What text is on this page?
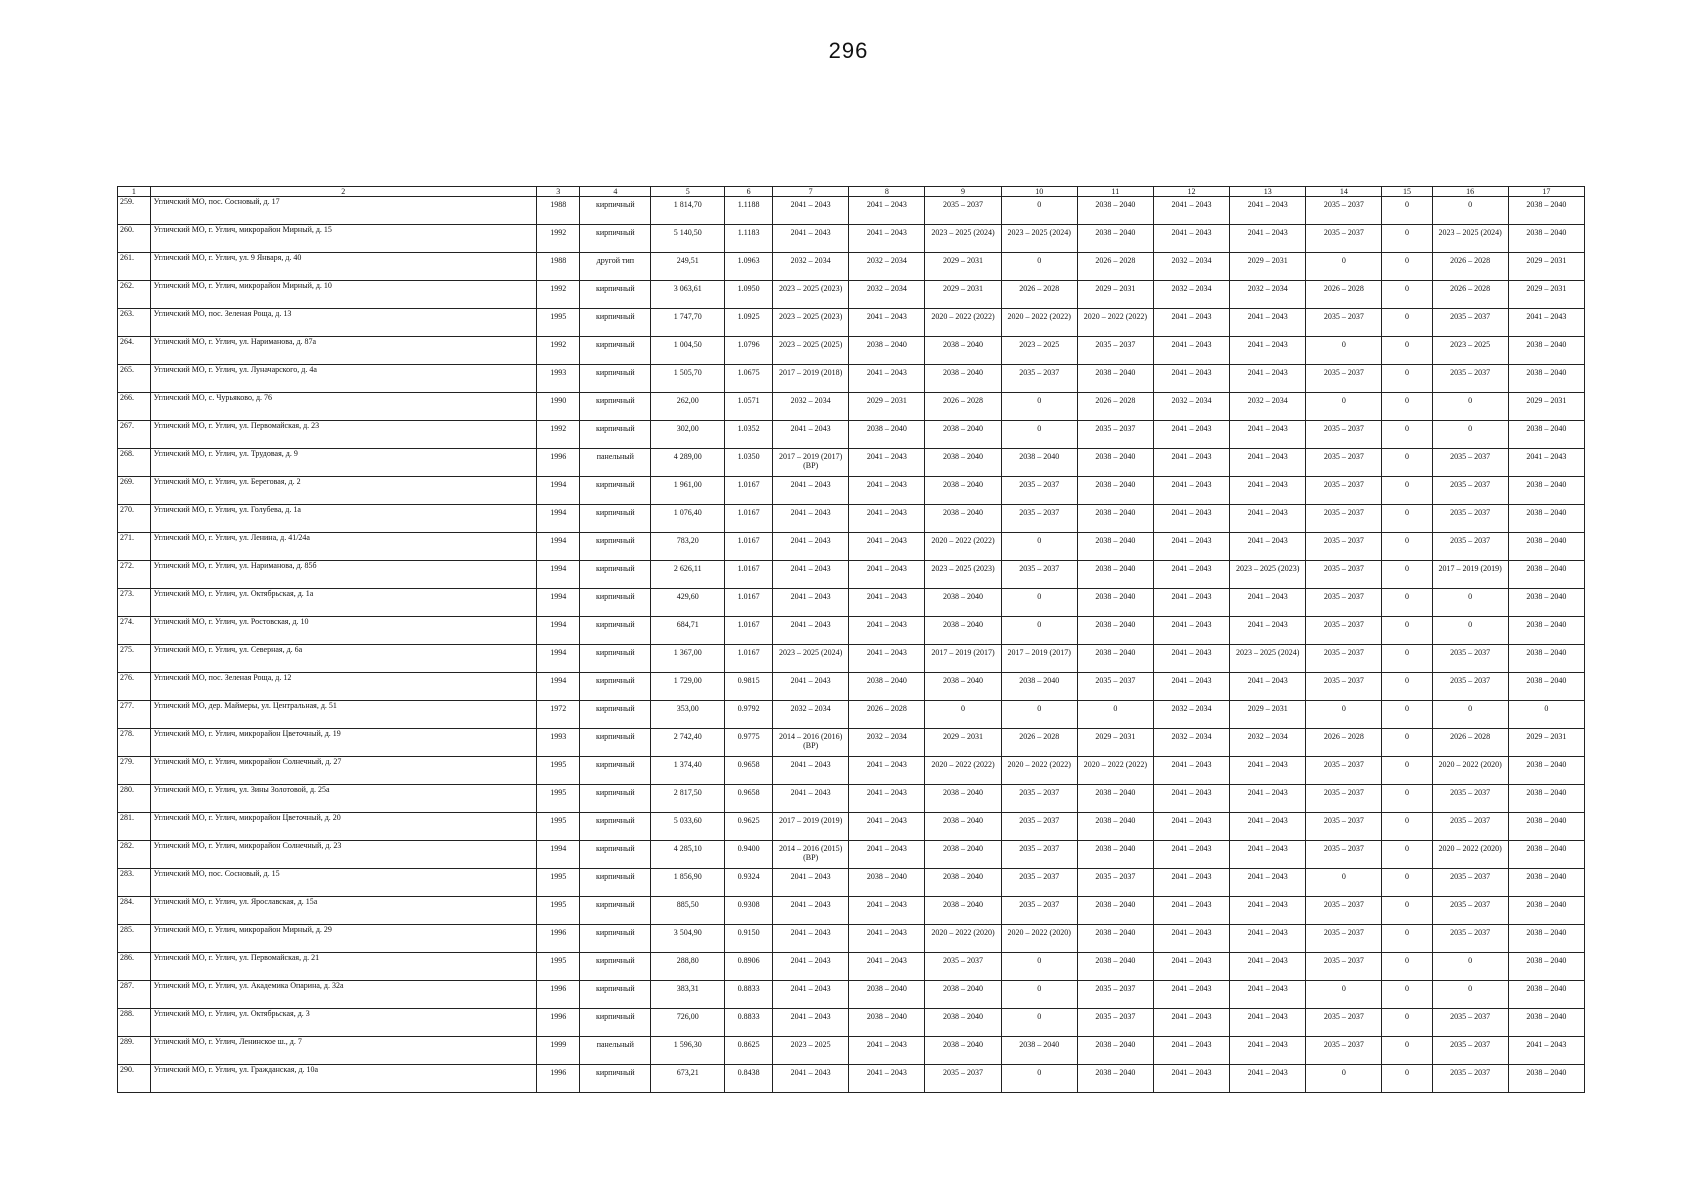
296
1	2	3	4	5	6	7	8	9	10	11	12	13	14	15	16	17
259.	Угличский МО, пос. Сосновый, д. 17	1988	кирпичный	1 814,70	1.1188	2041 – 2043	2041 – 2043	2035 – 2037	0	2038 – 2040	2041 – 2043	2041 – 2043	2035 – 2037	0	0	2038 – 2040
260.	Угличский МО, г. Углич, микрорайон Мирный, д. 15	1992	кирпичный	5 140,50	1.1183	2041 – 2043	2041 – 2043	2023 – 2025 (2024)	2023 – 2025 (2024)	2038 – 2040	2041 – 2043	2041 – 2043	2035 – 2037	0	2023 – 2025 (2024)	2038 – 2040
261.	Угличский МО, г. Углич, ул. 9 Января, д. 40	1988	другой тип	249,51	1.0963	2032 – 2034	2032 – 2034	2029 – 2031	0	2026 – 2028	2032 – 2034	2029 – 2031	0	0	2026 – 2028	2029 – 2031
262.	Угличский МО, г. Углич, микрорайон Мирный, д. 10	1992	кирпичный	3 063,61	1.0950	2023 – 2025 (2023)	2032 – 2034	2029 – 2031	2026 – 2028	2029 – 2031	2032 – 2034	2032 – 2034	2026 – 2028	0	2026 – 2028	2029 – 2031
263.	Угличский МО, пос. Зеленая Роща, д. 13	1995	кирпичный	1 747,70	1.0925	2023 – 2025 (2023)	2041 – 2043	2020 – 2022 (2022)	2020 – 2022 (2022)	2020 – 2022 (2022)	2041 – 2043	2041 – 2043	2035 – 2037	0	2035 – 2037	2041 – 2043
264.	Угличский МО, г. Углич, ул. Нариманова, д. 87а	1992	кирпичный	1 004,50	1.0796	2023 – 2025 (2025)	2038 – 2040	2038 – 2040	2023 – 2025	2035 – 2037	2041 – 2043	2041 – 2043	0	0	2023 – 2025	2038 – 2040
265.	Угличский МО, г. Углич, ул. Луначарского, д. 4а	1993	кирпичный	1 505,70	1.0675	2017 – 2019 (2018)	2041 – 2043	2038 – 2040	2035 – 2037	2038 – 2040	2041 – 2043	2041 – 2043	2035 – 2037	0	2035 – 2037	2038 – 2040
266.	Угличский МО, с. Чурьяково, д. 76	1990	кирпичный	262,00	1.0571	2032 – 2034	2029 – 2031	2026 – 2028	0	2026 – 2028	2032 – 2034	2032 – 2034	0	0	0	2029 – 2031
267.	Угличский МО, г. Углич, ул. Первомайская, д. 23	1992	кирпичный	302,00	1.0352	2041 – 2043	2038 – 2040	2038 – 2040	0	2035 – 2037	2041 – 2043	2041 – 2043	2035 – 2037	0	0	2038 – 2040
268.	Угличский МО, г. Углич, ул. Трудовая, д. 9	1996	панельный	4 289,00	1.0350	2017 – 2019 (2017) (ВР)	2041 – 2043	2038 – 2040	2038 – 2040	2038 – 2040	2041 – 2043	2041 – 2043	2035 – 2037	0	2035 – 2037	2041 – 2043
269.	Угличский МО, г. Углич, ул. Береговая, д. 2	1994	кирпичный	1 961,00	1.0167	2041 – 2043	2041 – 2043	2038 – 2040	2035 – 2037	2038 – 2040	2041 – 2043	2041 – 2043	2035 – 2037	0	2035 – 2037	2038 – 2040
270.	Угличский МО, г. Углич, ул. Голубева, д. 1а	1994	кирпичный	1 076,40	1.0167	2041 – 2043	2041 – 2043	2038 – 2040	2035 – 2037	2038 – 2040	2041 – 2043	2041 – 2043	2035 – 2037	0	2035 – 2037	2038 – 2040
271.	Угличский МО, г. Углич, ул. Ленина, д. 41/24а	1994	кирпичный	783,20	1.0167	2041 – 2043	2041 – 2043	2020 – 2022 (2022)	0	2038 – 2040	2041 – 2043	2041 – 2043	2035 – 2037	0	2035 – 2037	2038 – 2040
272.	Угличский МО, г. Углич, ул. Нариманова, д. 85б	1994	кирпичный	2 626,11	1.0167	2041 – 2043	2041 – 2043	2023 – 2025 (2023)	2035 – 2037	2038 – 2040	2041 – 2043	2023 – 2025 (2023)	2035 – 2037	0	2017 – 2019 (2019)	2038 – 2040
273.	Угличский МО, г. Углич, ул. Октябрьская, д. 1а	1994	кирпичный	429,60	1.0167	2041 – 2043	2041 – 2043	2038 – 2040	0	2038 – 2040	2041 – 2043	2041 – 2043	2035 – 2037	0	0	2038 – 2040
274.	Угличский МО, г. Углич, ул. Ростовская, д. 10	1994	кирпичный	684,71	1.0167	2041 – 2043	2041 – 2043	2038 – 2040	0	2038 – 2040	2041 – 2043	2041 – 2043	2035 – 2037	0	0	2038 – 2040
275.	Угличский МО, г. Углич, ул. Северная, д. 6а	1994	кирпичный	1 367,00	1.0167	2023 – 2025 (2024)	2041 – 2043	2017 – 2019 (2017)	2017 – 2019 (2017)	2038 – 2040	2041 – 2043	2023 – 2025 (2024)	2035 – 2037	0	2035 – 2037	2038 – 2040
276.	Угличский МО, пос. Зеленая Роща, д. 12	1994	кирпичный	1 729,00	0.9815	2041 – 2043	2038 – 2040	2038 – 2040	2038 – 2040	2035 – 2037	2041 – 2043	2041 – 2043	2035 – 2037	0	2035 – 2037	2038 – 2040
277.	Угличский МО, дер. Маймеры, ул. Центральная, д. 51	1972	кирпичный	353,00	0.9792	2032 – 2034	2026 – 2028	0	0	0	2032 – 2034	2029 – 2031	0	0	0	0
278.	Угличский МО, г. Углич, микрорайон Цветочный, д. 19	1993	кирпичный	2 742,40	0.9775	2014 – 2016 (2016) (ВР)	2032 – 2034	2029 – 2031	2026 – 2028	2029 – 2031	2032 – 2034	2032 – 2034	2026 – 2028	0	2026 – 2028	2029 – 2031
279.	Угличский МО, г. Углич, микрорайон Солнечный, д. 27	1995	кирпичный	1 374,40	0.9658	2041 – 2043	2041 – 2043	2020 – 2022 (2022)	2020 – 2022 (2022)	2020 – 2022 (2022)	2041 – 2043	2041 – 2043	2035 – 2037	0	2020 – 2022 (2020)	2038 – 2040
280.	Угличский МО, г. Углич, ул. Зины Золотовой, д. 25а	1995	кирпичный	2 817,50	0.9658	2041 – 2043	2041 – 2043	2038 – 2040	2035 – 2037	2038 – 2040	2041 – 2043	2041 – 2043	2035 – 2037	0	2035 – 2037	2038 – 2040
281.	Угличский МО, г. Углич, микрорайон Цветочный, д. 20	1995	кирпичный	5 033,60	0.9625	2017 – 2019 (2019)	2041 – 2043	2038 – 2040	2035 – 2037	2038 – 2040	2041 – 2043	2041 – 2043	2035 – 2037	0	2035 – 2037	2038 – 2040
282.	Угличский МО, г. Углич, микрорайон Солнечный, д. 23	1994	кирпичный	4 285,10	0.9400	2014 – 2016 (2015) (ВР)	2041 – 2043	2038 – 2040	2035 – 2037	2038 – 2040	2041 – 2043	2041 – 2043	2035 – 2037	0	2020 – 2022 (2020)	2038 – 2040
283.	Угличский МО, пос. Сосновый, д. 15	1995	кирпичный	1 856,90	0.9324	2041 – 2043	2038 – 2040	2038 – 2040	2035 – 2037	2035 – 2037	2041 – 2043	2041 – 2043	0	0	2035 – 2037	2038 – 2040
284.	Угличский МО, г. Углич, ул. Ярославская, д. 15а	1995	кирпичный	885,50	0.9308	2041 – 2043	2041 – 2043	2038 – 2040	2035 – 2037	2038 – 2040	2041 – 2043	2041 – 2043	2035 – 2037	0	2035 – 2037	2038 – 2040
285.	Угличский МО, г. Углич, микрорайон Мирный, д. 29	1996	кирпичный	3 504,90	0.9150	2041 – 2043	2041 – 2043	2020 – 2022 (2020)	2020 – 2022 (2020)	2038 – 2040	2041 – 2043	2041 – 2043	2035 – 2037	0	2035 – 2037	2038 – 2040
286.	Угличский МО, г. Углич, ул. Первомайская, д. 21	1995	кирпичный	288,80	0.8906	2041 – 2043	2041 – 2043	2035 – 2037	0	2038 – 2040	2041 – 2043	2041 – 2043	2035 – 2037	0	0	2038 – 2040
287.	Угличский МО, г. Углич, ул. Академика Опарина, д. 32а	1996	кирпичный	383,31	0.8833	2041 – 2043	2038 – 2040	2038 – 2040	0	2035 – 2037	2041 – 2043	2041 – 2043	0	0	0	2038 – 2040
288.	Угличский МО, г. Углич, ул. Октябрьская, д. 3	1996	кирпичный	726,00	0.8833	2041 – 2043	2038 – 2040	2038 – 2040	0	2035 – 2037	2041 – 2043	2041 – 2043	2035 – 2037	0	2035 – 2037	2038 – 2040
289.	Угличский МО, г. Углич, Ленинское ш., д. 7	1999	панельный	1 596,30	0.8625	2023 – 2025	2041 – 2043	2038 – 2040	2038 – 2040	2038 – 2040	2041 – 2043	2041 – 2043	2035 – 2037	0	2035 – 2037	2041 – 2043
290.	Угличский МО, г. Углич, ул. Гражданская, д. 10а	1996	кирпичный	673,21	0.8438	2041 – 2043	2041 – 2043	2035 – 2037	0	2038 – 2040	2041 – 2043	2041 – 2043	0	0	2035 – 2037	2038 – 2040
